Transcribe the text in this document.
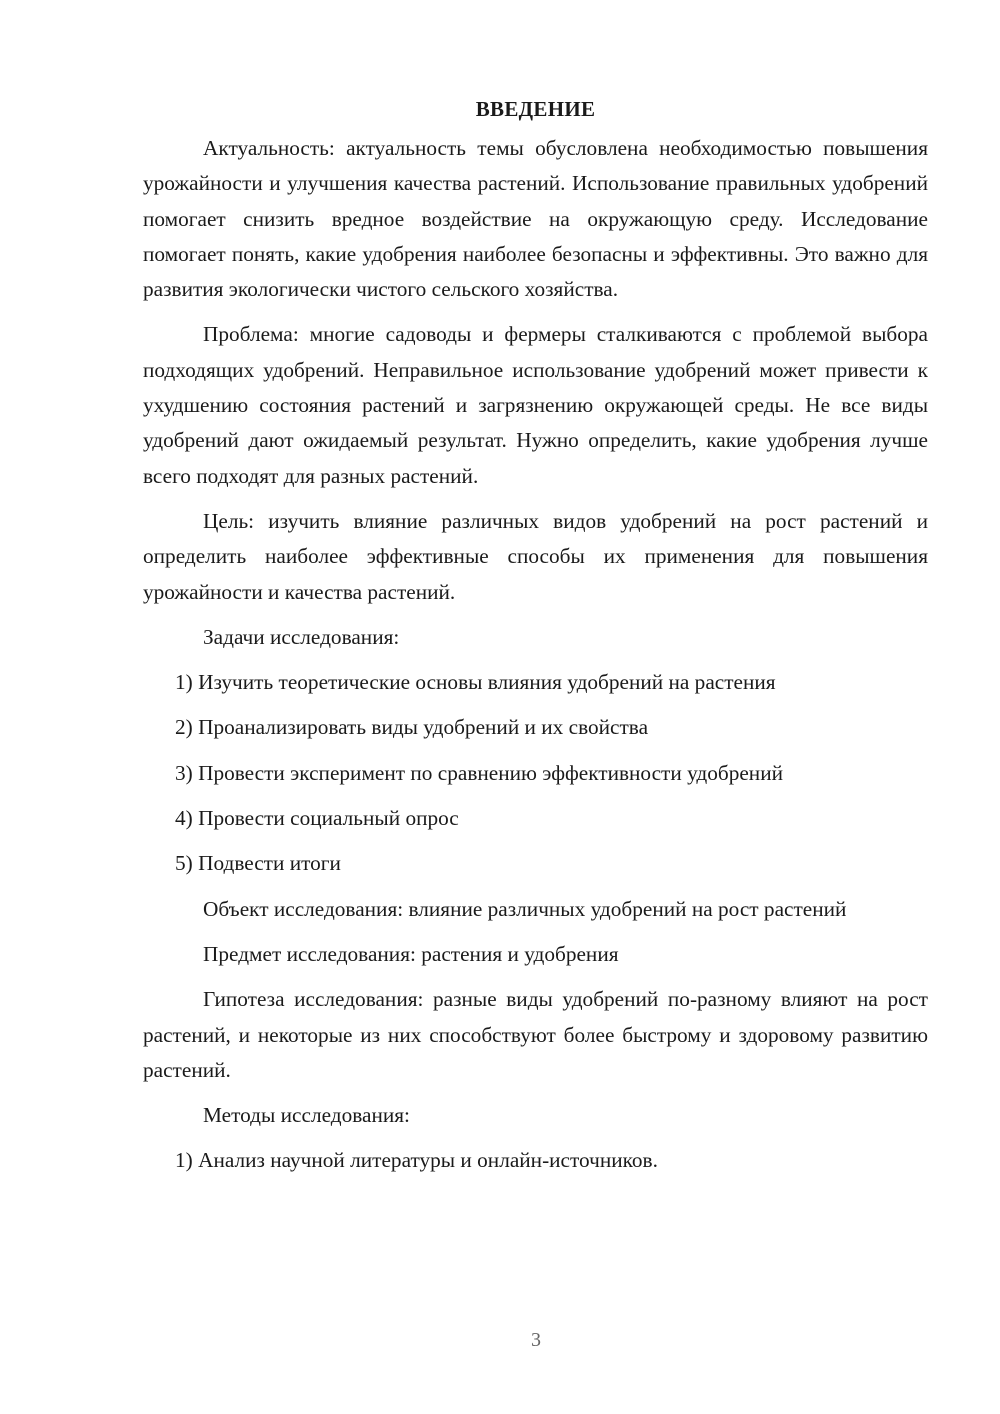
ВВЕДЕНИЕ

Актуальность: актуальность темы обусловлена необходимостью повышения урожайности и улучшения качества растений. Использование правильных удобрений помогает снизить вредное воздействие на окружающую среду. Исследование помогает понять, какие удобрения наиболее безопасны и эффективны. Это важно для развития экологически чистого сельского хозяйства.

Проблема: многие садоводы и фермеры сталкиваются с проблемой выбора подходящих удобрений. Неправильное использование удобрений может привести к ухудшению состояния растений и загрязнению окружающей среды. Не все виды удобрений дают ожидаемый результат. Нужно определить, какие удобрения лучше всего подходят для разных растений.

Цель: изучить влияние различных видов удобрений на рост растений и определить наиболее эффективные способы их применения для повышения урожайности и качества растений.

Задачи исследования:

1) Изучить теоретические основы влияния удобрений на растения

2) Проанализировать виды удобрений и их свойства

3) Провести эксперимент по сравнению эффективности удобрений

4) Провести социальный опрос

5) Подвести итоги

Объект исследования: влияние различных удобрений на рост растений

Предмет исследования: растения и удобрения

Гипотеза исследования: разные виды удобрений по-разному влияют на рост растений, и некоторые из них способствуют более быстрому и здоровому развитию растений.

Методы исследования:

1) Анализ научной литературы и онлайн-источников.

3
